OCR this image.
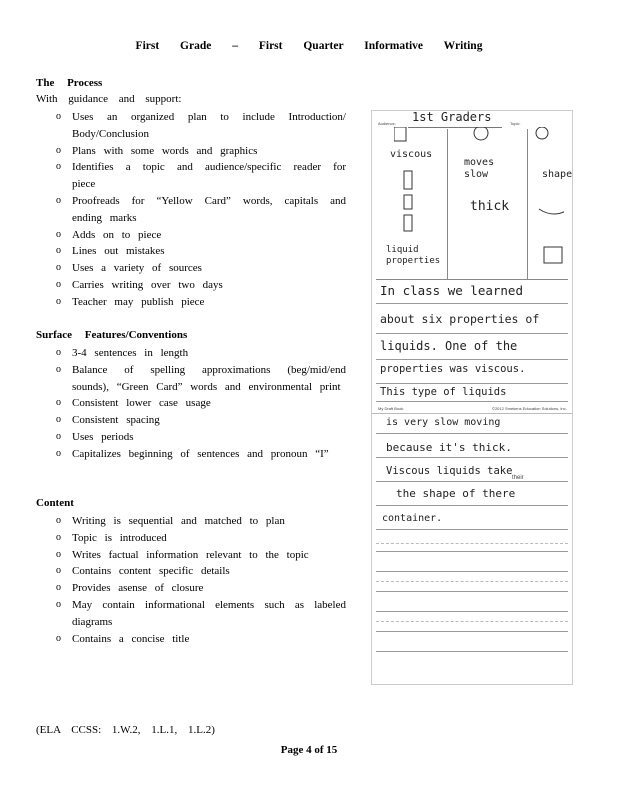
First Grade – First Quarter Informative Writing
The Process
With guidance and support:
o Uses an organized plan to include Introduction/ Body/Conclusion
o Plans with some words and graphics
o Identifies a topic and audience/specific reader for piece
o Proofreads for “Yellow Card” words, capitals and ending marks
o Adds on to piece
o Lines out mistakes
o Uses a variety of sources
o Carries writing over two days
o Teacher may publish piece
Surface Features/Conventions
o 3-4 sentences in length
o Balance of spelling approximations (beg/mid/end sounds), “Green Card” words and environmental print
o Consistent lower case usage
o Consistent spacing
o Uses periods
o Capitalizes beginning of sentences and pronoun “I”
Content
o Writing is sequential and matched to plan
o Topic is introduced
o Writes factual information relevant to the topic
o Contains content specific details
o Provides asense of closure
o May contain informational elements such as labeled diagrams
o Contains a concise title
Audience: 1st Graders	Topic:
viscous
liquid properties
moves slow
thick
shape
In class we learned
about six properties of
liquids. One of the
properties was viscous.
This type of liquids
My Draft Book	©2012 Smekens Education Solutions, Inc.
is very slow moving
because it's thick.
Viscous liquids take
their
the shape of there
container.
(ELA CCSS: 1.W.2, 1.L.1, 1.L.2)
Page 4 of 15
